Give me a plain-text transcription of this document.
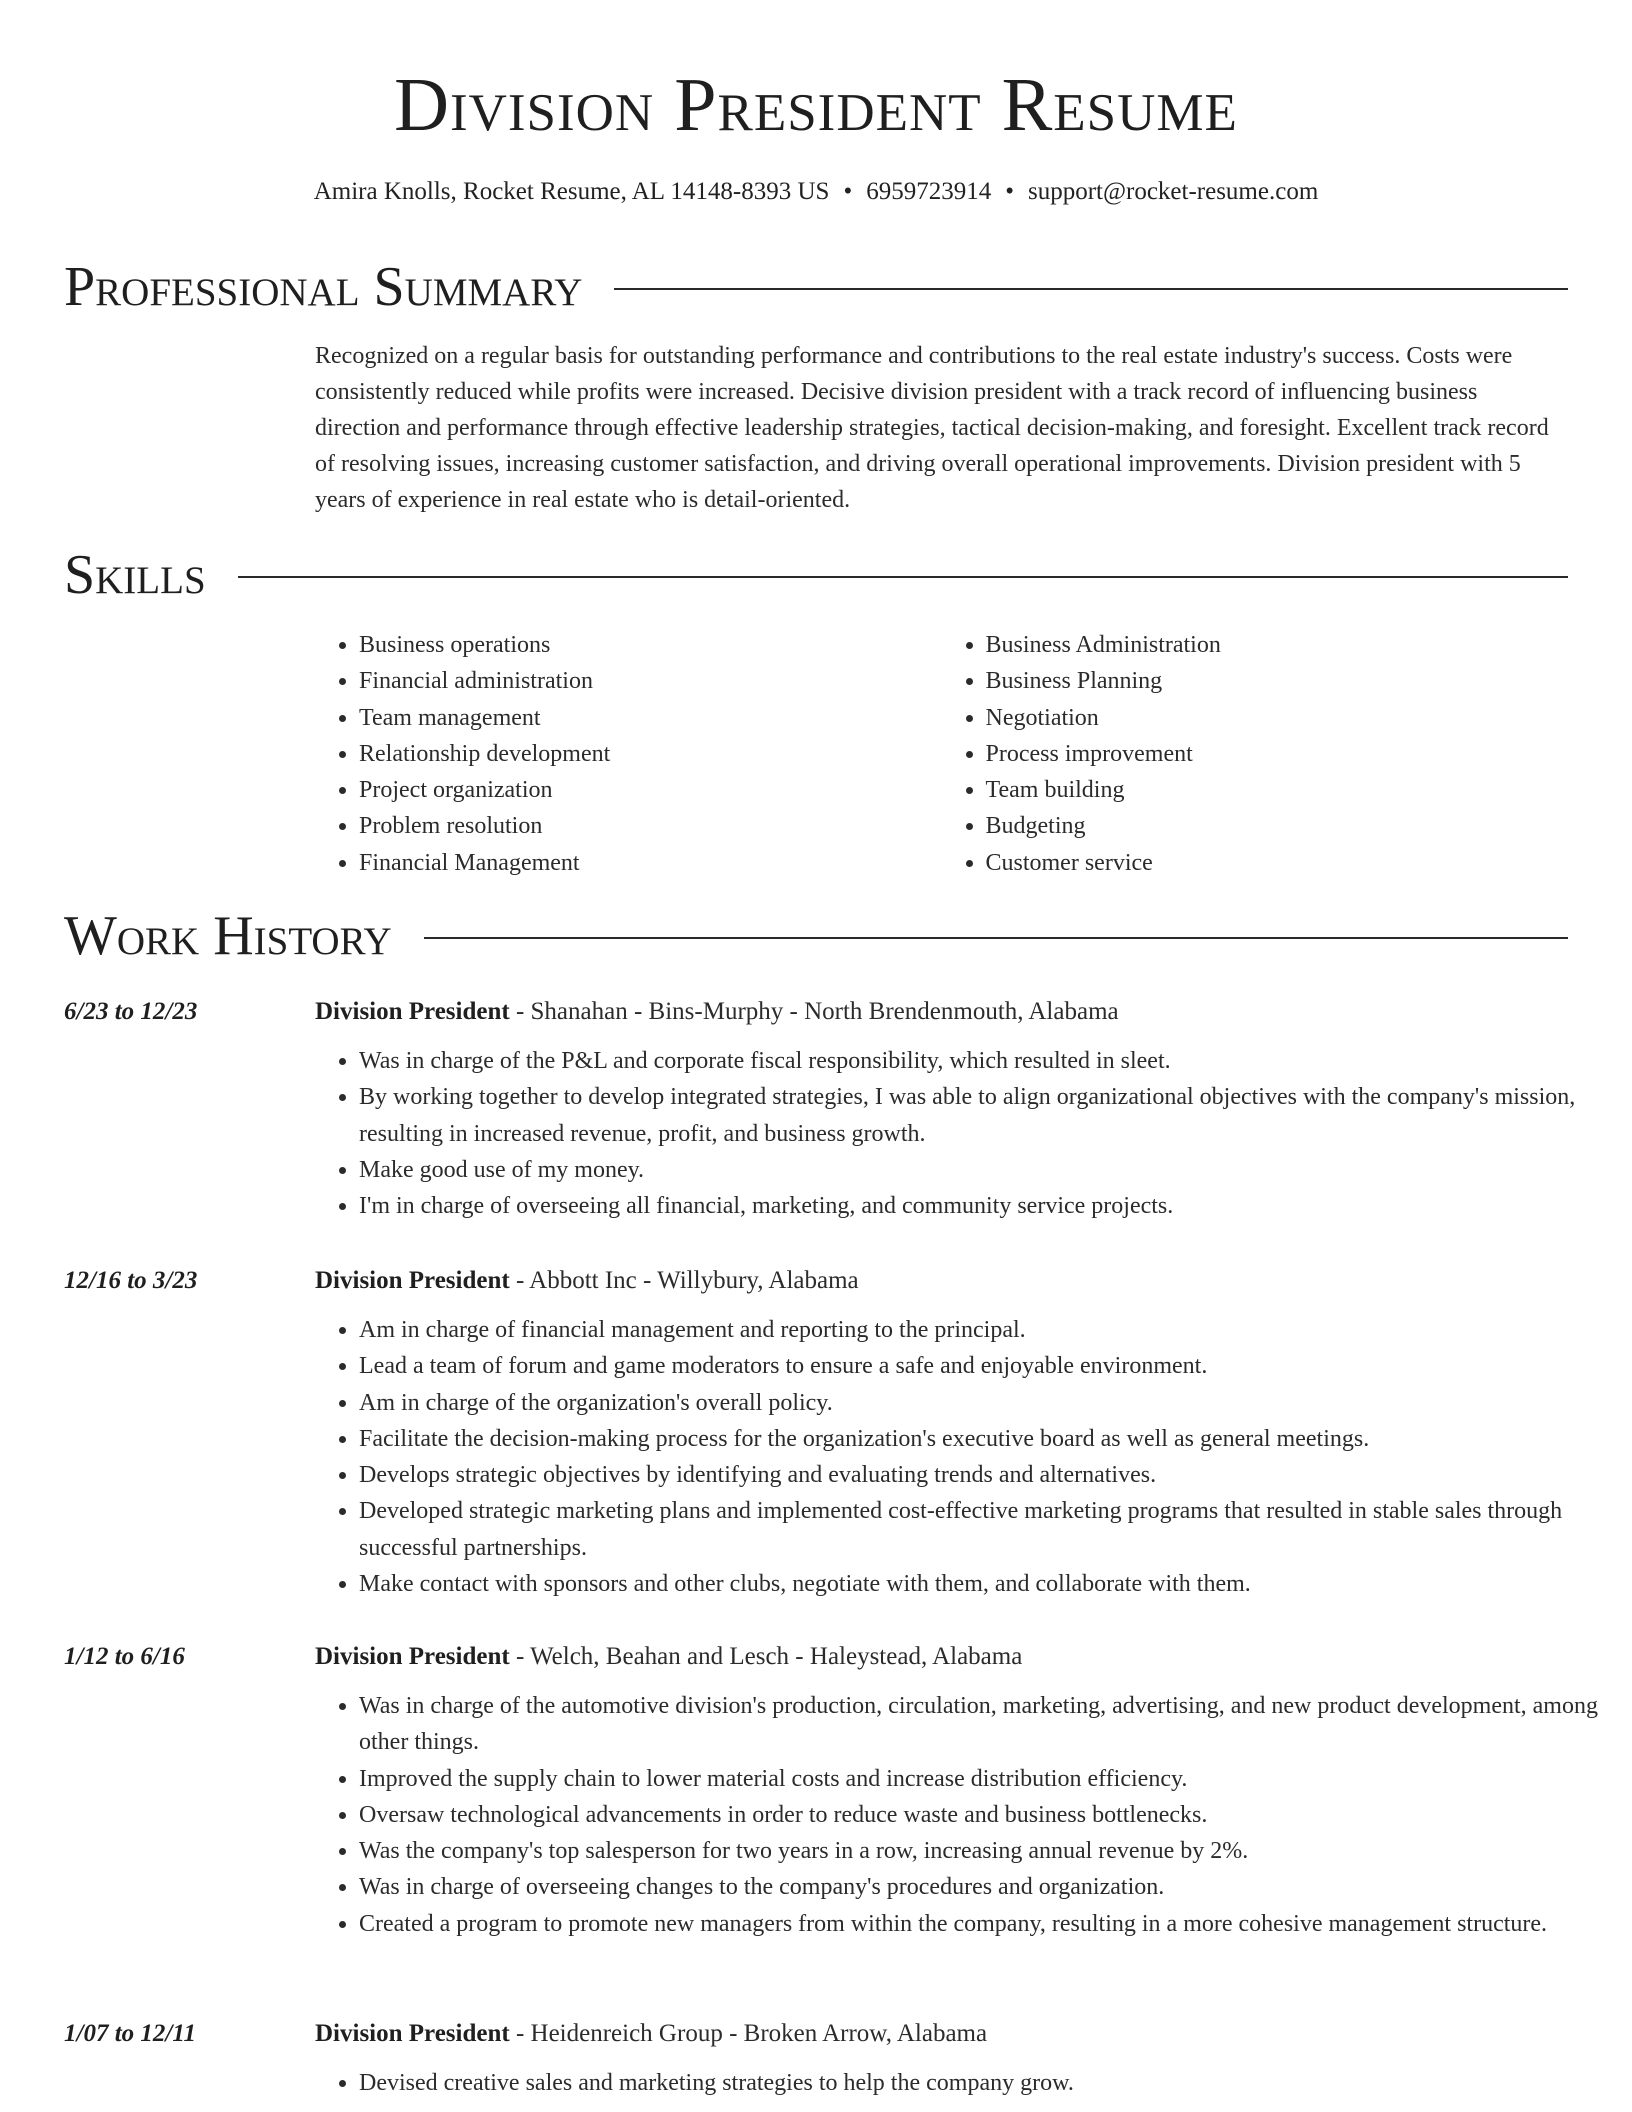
Division President Resume
Amira Knolls, Rocket Resume, AL 14148-8393 US • 6959723914 • support@rocket-resume.com
Professional Summary

Recognized on a regular basis for outstanding performance and contributions to the real estate industry's success. Costs were consistently reduced while profits were increased. Decisive division president with a track record of influencing business direction and performance through effective leadership strategies, tactical decision-making, and foresight. Excellent track record of resolving issues, increasing customer satisfaction, and driving overall operational improvements. Division president with 5 years of experience in real estate who is detail-oriented.

Skills
• Business operations
• Financial administration
• Team management
• Relationship development
• Project organization
• Problem resolution
• Financial Management
• Business Administration
• Business Planning
• Negotiation
• Process improvement
• Team building
• Budgeting
• Customer service
Work History
6/23 to 12/23	Division President - Shanahan - Bins-Murphy - North Brendenmouth, Alabama
• Was in charge of the P&L and corporate fiscal responsibility, which resulted in sleet.
• By working together to develop integrated strategies, I was able to align organizational objectives with the company's mission, resulting in increased revenue, profit, and business growth.
• Make good use of my money.
• I'm in charge of overseeing all financial, marketing, and community service projects.
12/16 to 3/23	Division President - Abbott Inc - Willybury, Alabama
• Am in charge of financial management and reporting to the principal.
• Lead a team of forum and game moderators to ensure a safe and enjoyable environment.
• Am in charge of the organization's overall policy.
• Facilitate the decision-making process for the organization's executive board as well as general meetings.
• Develops strategic objectives by identifying and evaluating trends and alternatives.
• Developed strategic marketing plans and implemented cost-effective marketing programs that resulted in stable sales through successful partnerships.
• Make contact with sponsors and other clubs, negotiate with them, and collaborate with them.
1/12 to 6/16	Division President - Welch, Beahan and Lesch - Haleystead, Alabama
• Was in charge of the automotive division's production, circulation, marketing, advertising, and new product development, among other things.
• Improved the supply chain to lower material costs and increase distribution efficiency.
• Oversaw technological advancements in order to reduce waste and business bottlenecks.
• Was the company's top salesperson for two years in a row, increasing annual revenue by 2%.
• Was in charge of overseeing changes to the company's procedures and organization.
• Created a program to promote new managers from within the company, resulting in a more cohesive management structure.
1/07 to 12/11	Division President - Heidenreich Group - Broken Arrow, Alabama
• Devised creative sales and marketing strategies to help the company grow.
